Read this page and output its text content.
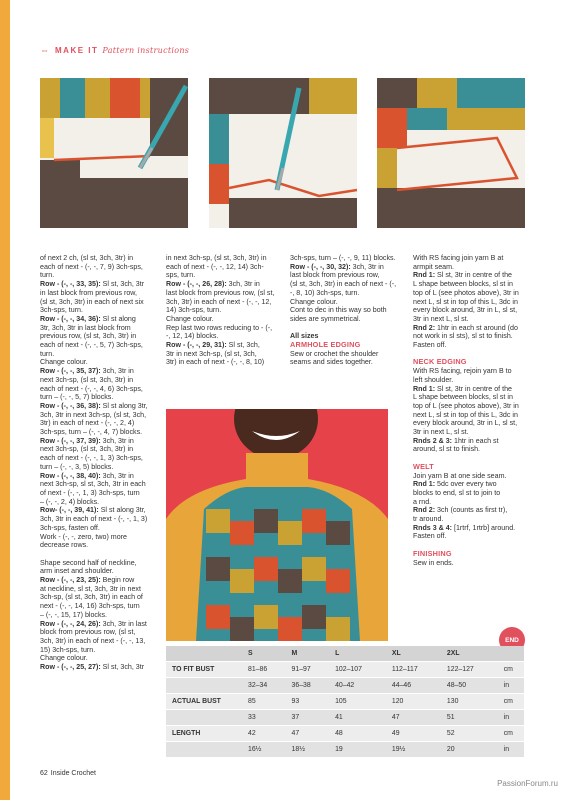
⇔ MAKE IT Pattern instructions

of next 2 ch, (sl st, 3ch, 3tr) in

each of next - (-, -, 7, 9) 3ch-sps,

turn.

Row - (-, -, 33, 35): Sl st, 3ch, 3tr

in last block from previous row,

(sl st, 3ch, 3tr) in each of next six

3ch-sps, turn.

Row - (-, -, 34, 36): Sl st along

3tr, 3ch, 3tr in last block from

previous row, (sl st, 3ch, 3tr) in

each of next - (-, -, 5, 7) 3ch-sps,

turn.

Change colour.

Row - (-, -, 35, 37): 3ch, 3tr in

next 3ch-sp, (sl st, 3ch, 3tr) in

each of next - (-, -, 4, 6) 3ch-sps,

turn – (-, -, 5, 7) blocks.

Row - (-, -, 36, 38): Sl st along 3tr,

3ch, 3tr in next 3ch-sp, (sl st, 3ch,

3tr) in each of next - (-, -, 2, 4)

3ch-sps, turn – (-, -, 4, 7) blocks.

Row - (-, -, 37, 39): 3ch, 3tr in

next 3ch-sp, (sl st, 3ch, 3tr) in

each of next - (-, -, 1, 3) 3ch-sps,

turn – (-, -, 3, 5) blocks.

Row - (-, -, 38, 40): 3ch, 3tr in

next 3ch-sp, sl st, 3ch, 3tr in each

of next - (-, -, 1, 3) 3ch-sps, turn

– (-, -, 2, 4) blocks.

Row- (-, -, 39, 41): Sl st along 3tr,

3ch, 3tr in each of next - (-, -, 1, 3)

3ch-sps, fasten off.

Work - (-, -, zero, two) more

decrease rows.

Shape second half of neckline,

arm inset and shoulder.

Row - (-, -, 23, 25): Begin row

at neckline, sl st, 3ch, 3tr in next

3ch-sp, (sl st, 3ch, 3tr) in each of

next - (-, -, 14, 16) 3ch-sps, turn

– (-, -, 15, 17) blocks.

Row - (-, -, 24, 26): 3ch, 3tr in last

block from previous row, (sl st,

3ch, 3tr) in each of next - (-, -, 13,

15) 3ch-sps, turn.

Change colour.

Row - (-, -, 25, 27): Sl st, 3ch, 3tr

in next 3ch-sp, (sl st, 3ch, 3tr) in

each of next - (-, -, 12, 14) 3ch-

sps, turn.

Row - (-, -, 26, 28): 3ch, 3tr in

last block from previous row, (sl st,

3ch, 3tr) in each of next - (-, -, 12,

14) 3ch-sps, turn.

Change colour.

Rep last two rows reducing to - (-,

-, 12, 14) blocks.

Row - (-, -, 29, 31): Sl st, 3ch,

3tr in next 3ch-sp, (sl st, 3ch,

3tr) in each of next - (-, -, 8, 10)

3ch-sps, turn – (-, -, 9, 11) blocks.

Row - (-, -, 30, 32): 3ch, 3tr in

last block from previous row,

(sl st, 3ch, 3tr) in each of next - (-,

-, 8, 10) 3ch-sps, turn.

Change colour.

Cont to dec in this way so both

sides are symmetrical.

All sizes

ARMHOLE EDGING

Sew or crochet the shoulder

seams and sides together.

With RS facing join yarn B at

armpit seam.

Rnd 1: Sl st, 3tr in centre of the

L shape between blocks, sl st in

top of L (see photos above), 3tr in

next L, sl st in top of this L, 3dc in

every block around, 3tr in L, sl st,

3tr in next L, sl st.

Rnd 2: 1htr in each st around (do

not work in sl sts), sl st to finish.

Fasten off.

NECK EDGING

With RS facing, rejoin yarn B to

left shoulder.

Rnd 1: Sl st, 3tr in centre of the

L shape between blocks, sl st in

top of L (see photos above), 3tr in

next L, sl st in top of this L, 3dc in

every block around, 3tr in L, sl st,

3tr in next L, sl st.

Rnds 2 & 3: 1htr in each st

around, sl st to finish.

WELT

Join yarn B at one side seam.

Rnd 1: 5dc over every two

blocks to end, sl st to join to

a rnd.

Rnd 2: 3ch (counts as first tr),

tr around.

Rnds 3 & 4: [1rtrf, 1rtrb] around.

Fasten off.

FINISHING

Sew in ends.

END
	S	M	L	XL	2XL	
TO FIT BUST	81–86	91–97	102–107	112–117	122–127	cm
	32–34	36–38	40–42	44–46	48–50	in
ACTUAL BUST	85	93	105	120	130	cm
	33	37	41	47	51	in
LENGTH	42	47	48	49	52	cm
	16½	18½	19	19½	20	in
62 Inside Crochet
PassionForum.ru
